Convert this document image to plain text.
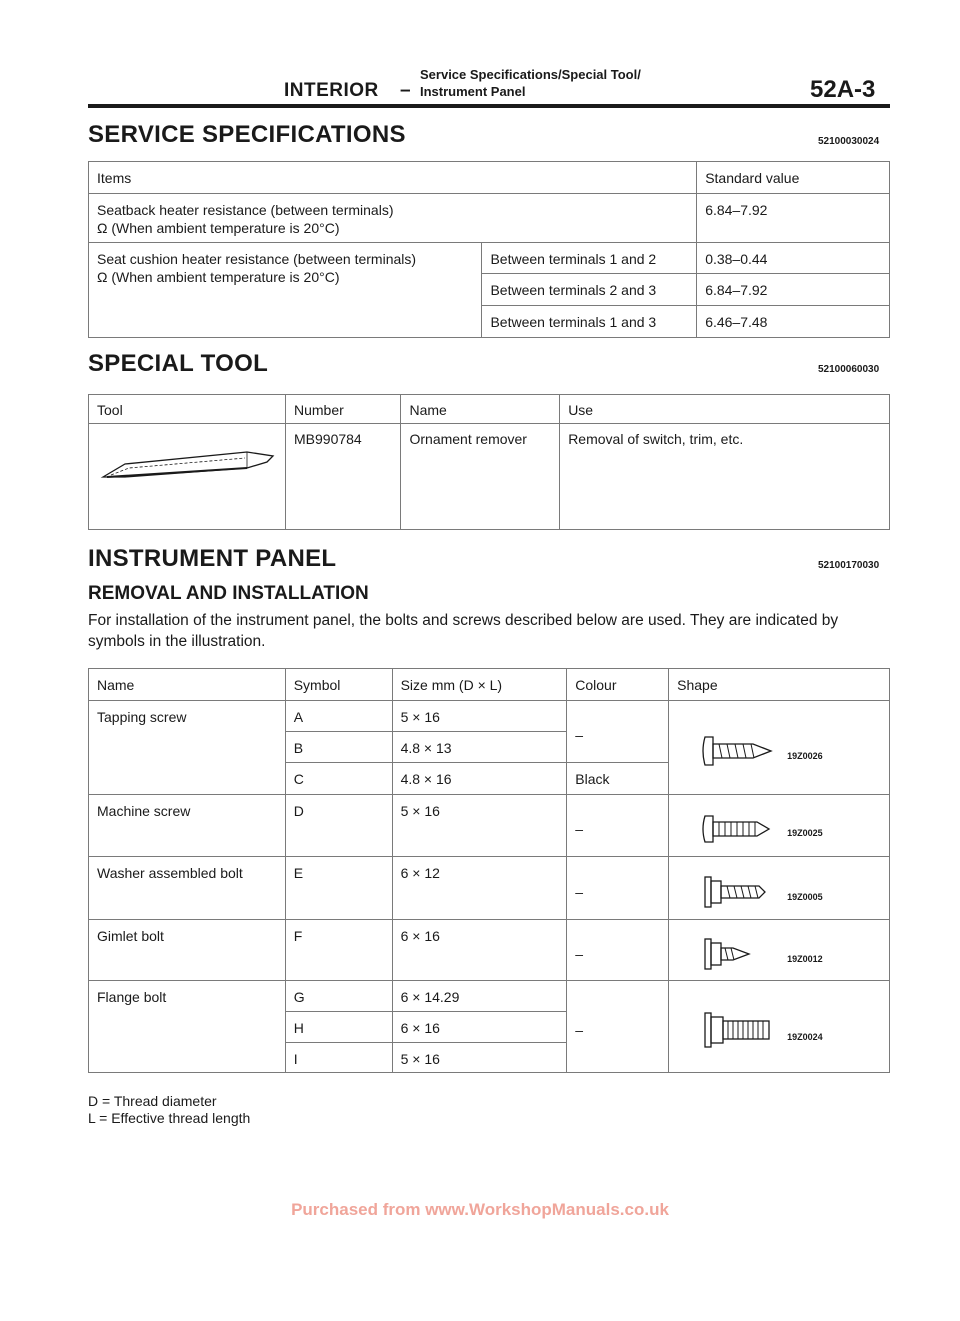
INTERIOR –
Service Specifications/Special Tool/
Instrument Panel	52A-3
SERVICE SPECIFICATIONS	52100030024
Items		Standard value

Seatback heater resistance (between terminals)
Ω (When ambient temperature is 20°C)		6.84–7.92

Seat cushion heater resistance (between terminals)
Ω (When ambient temperature is 20°C)	Between terminals 1 and 2	0.38–0.44
	Between terminals 2 and 3	6.84–7.92
	Between terminals 1 and 3	6.46–7.48
SPECIAL TOOL	52100060030
Tool	Number	Name	Use
	MB990784	Ornament remover	Removal of switch, trim, etc.
INSTRUMENT PANEL	52100170030
REMOVAL AND INSTALLATION
For installation of the instrument panel, the bolts and screws described below are used. They are indicated by symbols in the illustration.
Name	Symbol	Size mm (D × L)	Colour	Shape
Tapping screw	A	5 × 16	–	19Z0026

	B	4.8 × 13		
	C	4.8 × 16	Black	
Machine screw	D	5 × 16	–	19Z0025

Washer assembled bolt	E	6 × 12	–	19Z0005

Gimlet bolt	F	6 × 16	–	19Z0012

Flange bolt	G	6 × 14.29	–	19Z0024

	H	6 × 16		
	I	5 × 16		
D = Thread diameter
L = Effective thread length
Purchased from www.WorkshopManuals.co.uk
